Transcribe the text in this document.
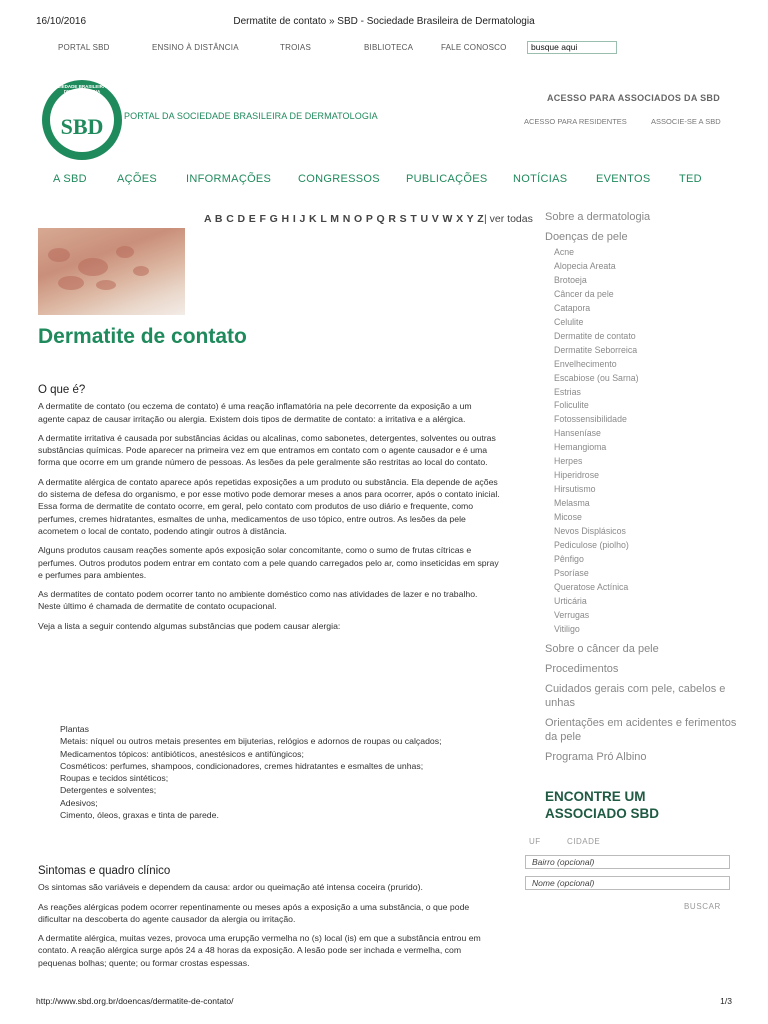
16/10/2016	Dermatite de contato » SBD - Sociedade Brasileira de Dermatologia
PORTAL SBD	ENSINO À DISTÂNCIA	TROIAS	BIBLIOTECA	FALE CONOSCO	busque aqui
SBD
MCMXII
SOCIEDADE BRASILEIRA DE DERMATOLOGIA
PORTAL DA SOCIEDADE BRASILEIRA DE DERMATOLOGIA
ACESSO PARA ASSOCIADOS DA SBD
ACESSO PARA RESIDENTES	ASSOCIE-SE A SBD
A SBD	AÇÕES	INFORMAÇÕES CONGRESSOS PUBLICAÇÕES NOTÍCIAS	EVENTOS	TED
A B C D E F G H I J K L M N O P Q R S T U V W X Y Z| ver todas
Dermatite de contato
O que é?

A dermatite de contato (ou eczema de contato) é uma reação inflamatória na pele decorrente da exposição a um agente capaz de causar irritação ou alergia. Existem dois tipos de dermatite de contato: a irritativa e a alérgica.

A dermatite irritativa é causada por substâncias ácidas ou alcalinas, como sabonetes, detergentes, solventes ou outras substâncias químicas. Pode aparecer na primeira vez em que entramos em contato com o agente causador e é uma forma que ocorre em um grande número de pessoas. As lesões da pele geralmente são restritas ao local do contato.

A dermatite alérgica de contato aparece após repetidas exposições a um produto ou substância. Ela depende de ações do sistema de defesa do organismo, e por esse motivo pode demorar meses a anos para ocorrer, após o contato inicial. Essa forma de dermatite de contato ocorre, em geral, pelo contato com produtos de uso diário e frequente, como perfumes, cremes hidratantes, esmaltes de unha, medicamentos de uso tópico, entre outros. As lesões da pele acometem o local de contato, podendo atingir outros à distância.

Alguns produtos causam reações somente após exposição solar concomitante, como o sumo de frutas cítricas e perfumes. Outros produtos podem entrar em contato com a pele quando carregados pelo ar, como inseticidas em spray e perfumes para ambientes.

As dermatites de contato podem ocorrer tanto no ambiente doméstico como nas atividades de lazer e no trabalho. Neste último é chamada de dermatite de contato ocupacional.

Veja a lista a seguir contendo algumas substâncias que podem causar alergia:

Plantas
Metais: níquel ou outros metais presentes em bijuterias, relógios e adornos de roupas ou calçados;
Medicamentos tópicos: antibióticos, anestésicos e antifúngicos;
Cosméticos: perfumes, shampoos, condicionadores, cremes hidratantes e esmaltes de unhas;
Roupas e tecidos sintéticos;
Detergentes e solventes;
Adesivos;
Cimento, óleos, graxas e tinta de parede.
Sintomas e quadro clínico

Os sintomas são variáveis e dependem da causa: ardor ou queimação até intensa coceira (prurido).

As reações alérgicas podem ocorrer repentinamente ou meses após a exposição a uma substância, o que pode dificultar na descoberta do agente causador da alergia ou irritação.

A dermatite alérgica, muitas vezes, provoca uma erupção vermelha no (s) local (is) em que a substância entrou em contato. A reação alérgica surge após 24 a 48 horas da exposição. A lesão pode ser inchada e vermelha, com pequenas bolhas; quente; ou formar crostas espessas.

Sobre a dermatologia
Doenças de pele
Acne
Alopecia Areata
Brotoeja
Câncer da pele
Catapora
Celulite
Dermatite de contato
Dermatite Seborreica
Envelhecimento
Escabiose (ou Sarna)
Estrias
Foliculite
Fotossensibilidade
Hanseníase
Hemangioma
Herpes
Hiperidrose
Hirsutismo
Melasma
Micose
Nevos Displásicos
Pediculose (piolho)
Pênfigo
Psoríase
Queratose Actínica
Urticária
Verrugas
Vitiligo
Sobre o câncer da pele
Procedimentos
Cuidados gerais com pele, cabelos e unhas
Orientações em acidentes e ferimentos da pele
Programa Pró Albino
ENCONTRE UM
ASSOCIADO SBD
UF	CIDADE
Bairro (opcional)
Nome (opcional)
BUSCAR
http://www.sbd.org.br/doencas/dermatite-de-contato/	1/3
